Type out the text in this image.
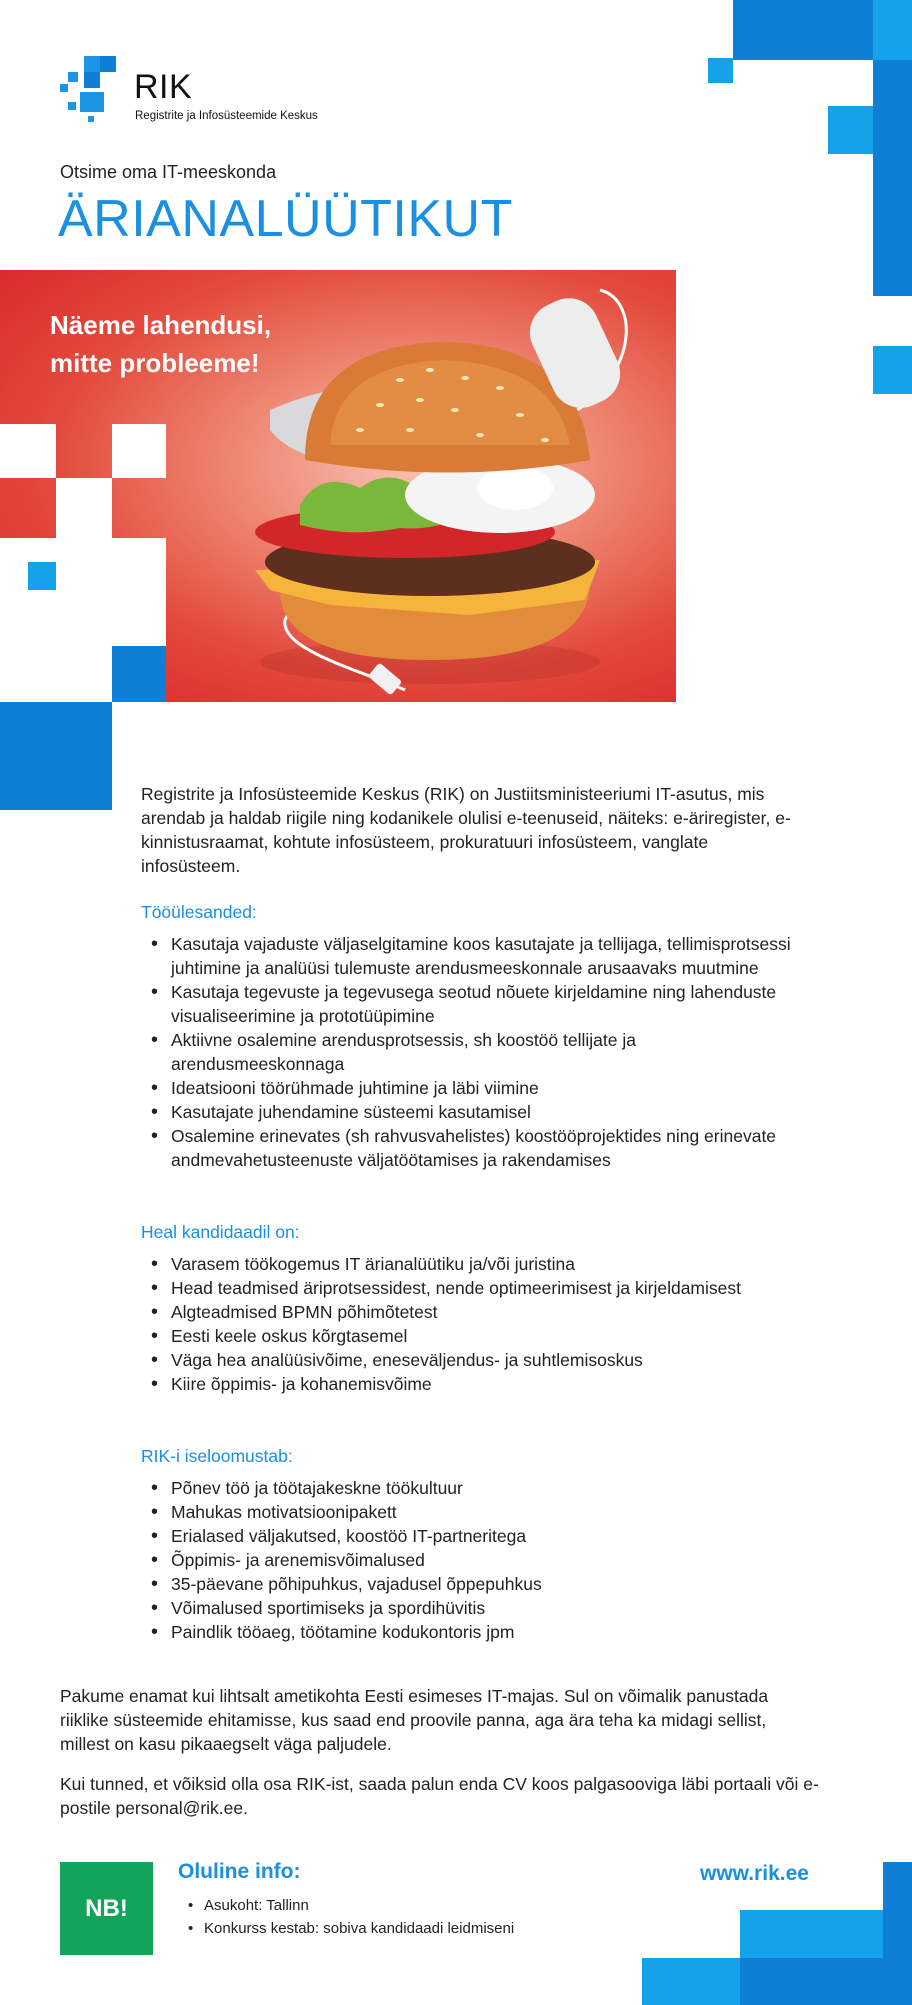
RIK
Registrite ja Infosüsteemide Keskus
Otsime oma IT-meeskonda
ÄRIANALÜÜTIKUT
Näeme lahendusi,
mitte probleeme!
Registrite ja Infosüsteemide Keskus (RIK) on Justiitsministeeriumi IT-asutus, mis arendab ja haldab riigile ning kodanikele olulisi e-teenuseid, näiteks: e-äriregister, e-kinnistusraamat, kohtute infosüsteem, prokuratuuri infosüsteem, vanglate infosüsteem.
Tööülesanded:
• Kasutaja vajaduste väljaselgitamine koos kasutajate ja tellijaga, tellimisprotsessi juhtimine ja analüüsi tulemuste arendusmeeskonnale arusaavaks muutmine
• Kasutaja tegevuste ja tegevusega seotud nõuete kirjeldamine ning lahenduste visualiseerimine ja prototüüpimine
• Aktiivne osalemine arendusprotsessis, sh koostöö tellijate ja arendusmeeskonnaga
• Ideatsiooni töörühmade juhtimine ja läbi viimine
• Kasutajate juhendamine süsteemi kasutamisel
• Osalemine erinevates (sh rahvusvahelistes) koostööprojektides ning erinevate andmevahetusteenuste väljatöötamises ja rakendamises
Heal kandidaadil on:
• Varasem töökogemus IT ärianalüütiku ja/või juristina
• Head teadmised äriprotsessidest, nende optimeerimisest ja kirjeldamisest
• Algteadmised BPMN põhimõtetest
• Eesti keele oskus kõrgtasemel
• Väga hea analüüsivõime, eneseväljendus- ja suhtlemisoskus
• Kiire õppimis- ja kohanemisvõime
RIK-i iseloomustab:
• Põnev töö ja töötajakeskne töökultuur
• Mahukas motivatsioonipakett
• Erialased väljakutsed, koostöö IT-partneritega
• Õppimis- ja arenemisvõimalused
• 35-päevane põhipuhkus, vajadusel õppepuhkus
• Võimalused sportimiseks ja spordihüvitis
• Paindlik tööaeg, töötamine kodukontoris jpm
Pakume enamat kui lihtsalt ametikohta Eesti esimeses IT-majas. Sul on võimalik panustada riiklike süsteemide ehitamisse, kus saad end proovile panna, aga ära teha ka midagi sellist, millest on kasu pikaaegselt väga paljudele.
Kui tunned, et võiksid olla osa RIK-ist, saada palun enda CV koos palgasooviga läbi portaali või e-postile personal@rik.ee.
NB!
Oluline info:
• Asukoht: Tallinn
• Konkurss kestab: sobiva kandidaadi leidmiseni
www.rik.ee
